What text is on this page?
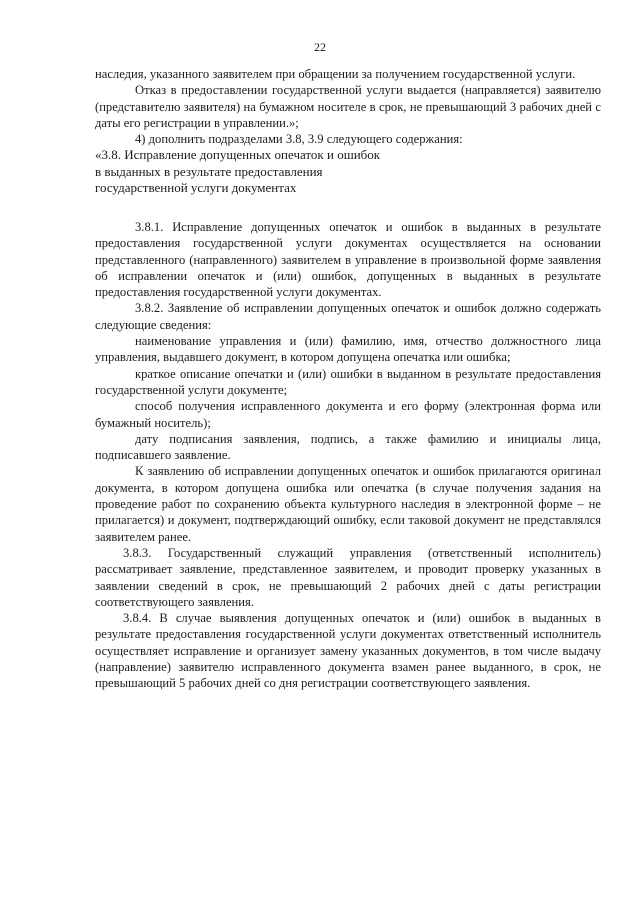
22

наследия, указанного заявителем при обращении за получением государственной услуги.

Отказ в предоставлении государственной услуги выдается (направляется) заявителю (представителю заявителя) на бумажном носителе в срок, не превышающий 3 рабочих дней с даты его регистрации в управлении.»;

4) дополнить подразделами 3.8, 3.9 следующего содержания:

«3.8. Исправление допущенных опечаток и ошибок

в выданных в результате предоставления

государственной услуги документах

3.8.1. Исправление допущенных опечаток и ошибок в выданных в результате предоставления государственной услуги документах осуществляется на основании представленного (направленного) заявителем в управление в произвольной форме заявления об исправлении опечаток и (или) ошибок, допущенных в выданных в результате предоставления государственной услуги документах.

3.8.2. Заявление об исправлении допущенных опечаток и ошибок должно содержать следующие сведения:

наименование управления и (или) фамилию, имя, отчество должностного лица управления, выдавшего документ, в котором допущена опечатка или ошибка;

краткое описание опечатки и (или) ошибки в выданном в результате предоставления государственной услуги документе;

способ получения исправленного документа и его форму (электронная форма или бумажный носитель);

дату подписания заявления, подпись, а также фамилию и инициалы лица, подписавшего заявление.

К заявлению об исправлении допущенных опечаток и ошибок прилагаются оригинал документа, в котором допущена ошибка или опечатка (в случае получения задания на проведение работ по сохранению объекта культурного наследия в электронной форме – не прилагается) и документ, подтверждающий ошибку, если таковой документ не представлялся заявителем ранее.

3.8.3. Государственный служащий управления (ответственный исполнитель) рассматривает заявление, представленное заявителем, и проводит проверку указанных в заявлении сведений в срок, не превышающий 2 рабочих дней с даты регистрации соответствующего заявления.

3.8.4. В случае выявления допущенных опечаток и (или) ошибок в выданных в результате предоставления государственной услуги документах ответственный исполнитель осуществляет исправление и организует замену указанных документов, в том числе выдачу (направление) заявителю исправленного документа взамен ранее выданного, в срок, не превышающий 5 рабочих дней со дня регистрации соответствующего заявления.
